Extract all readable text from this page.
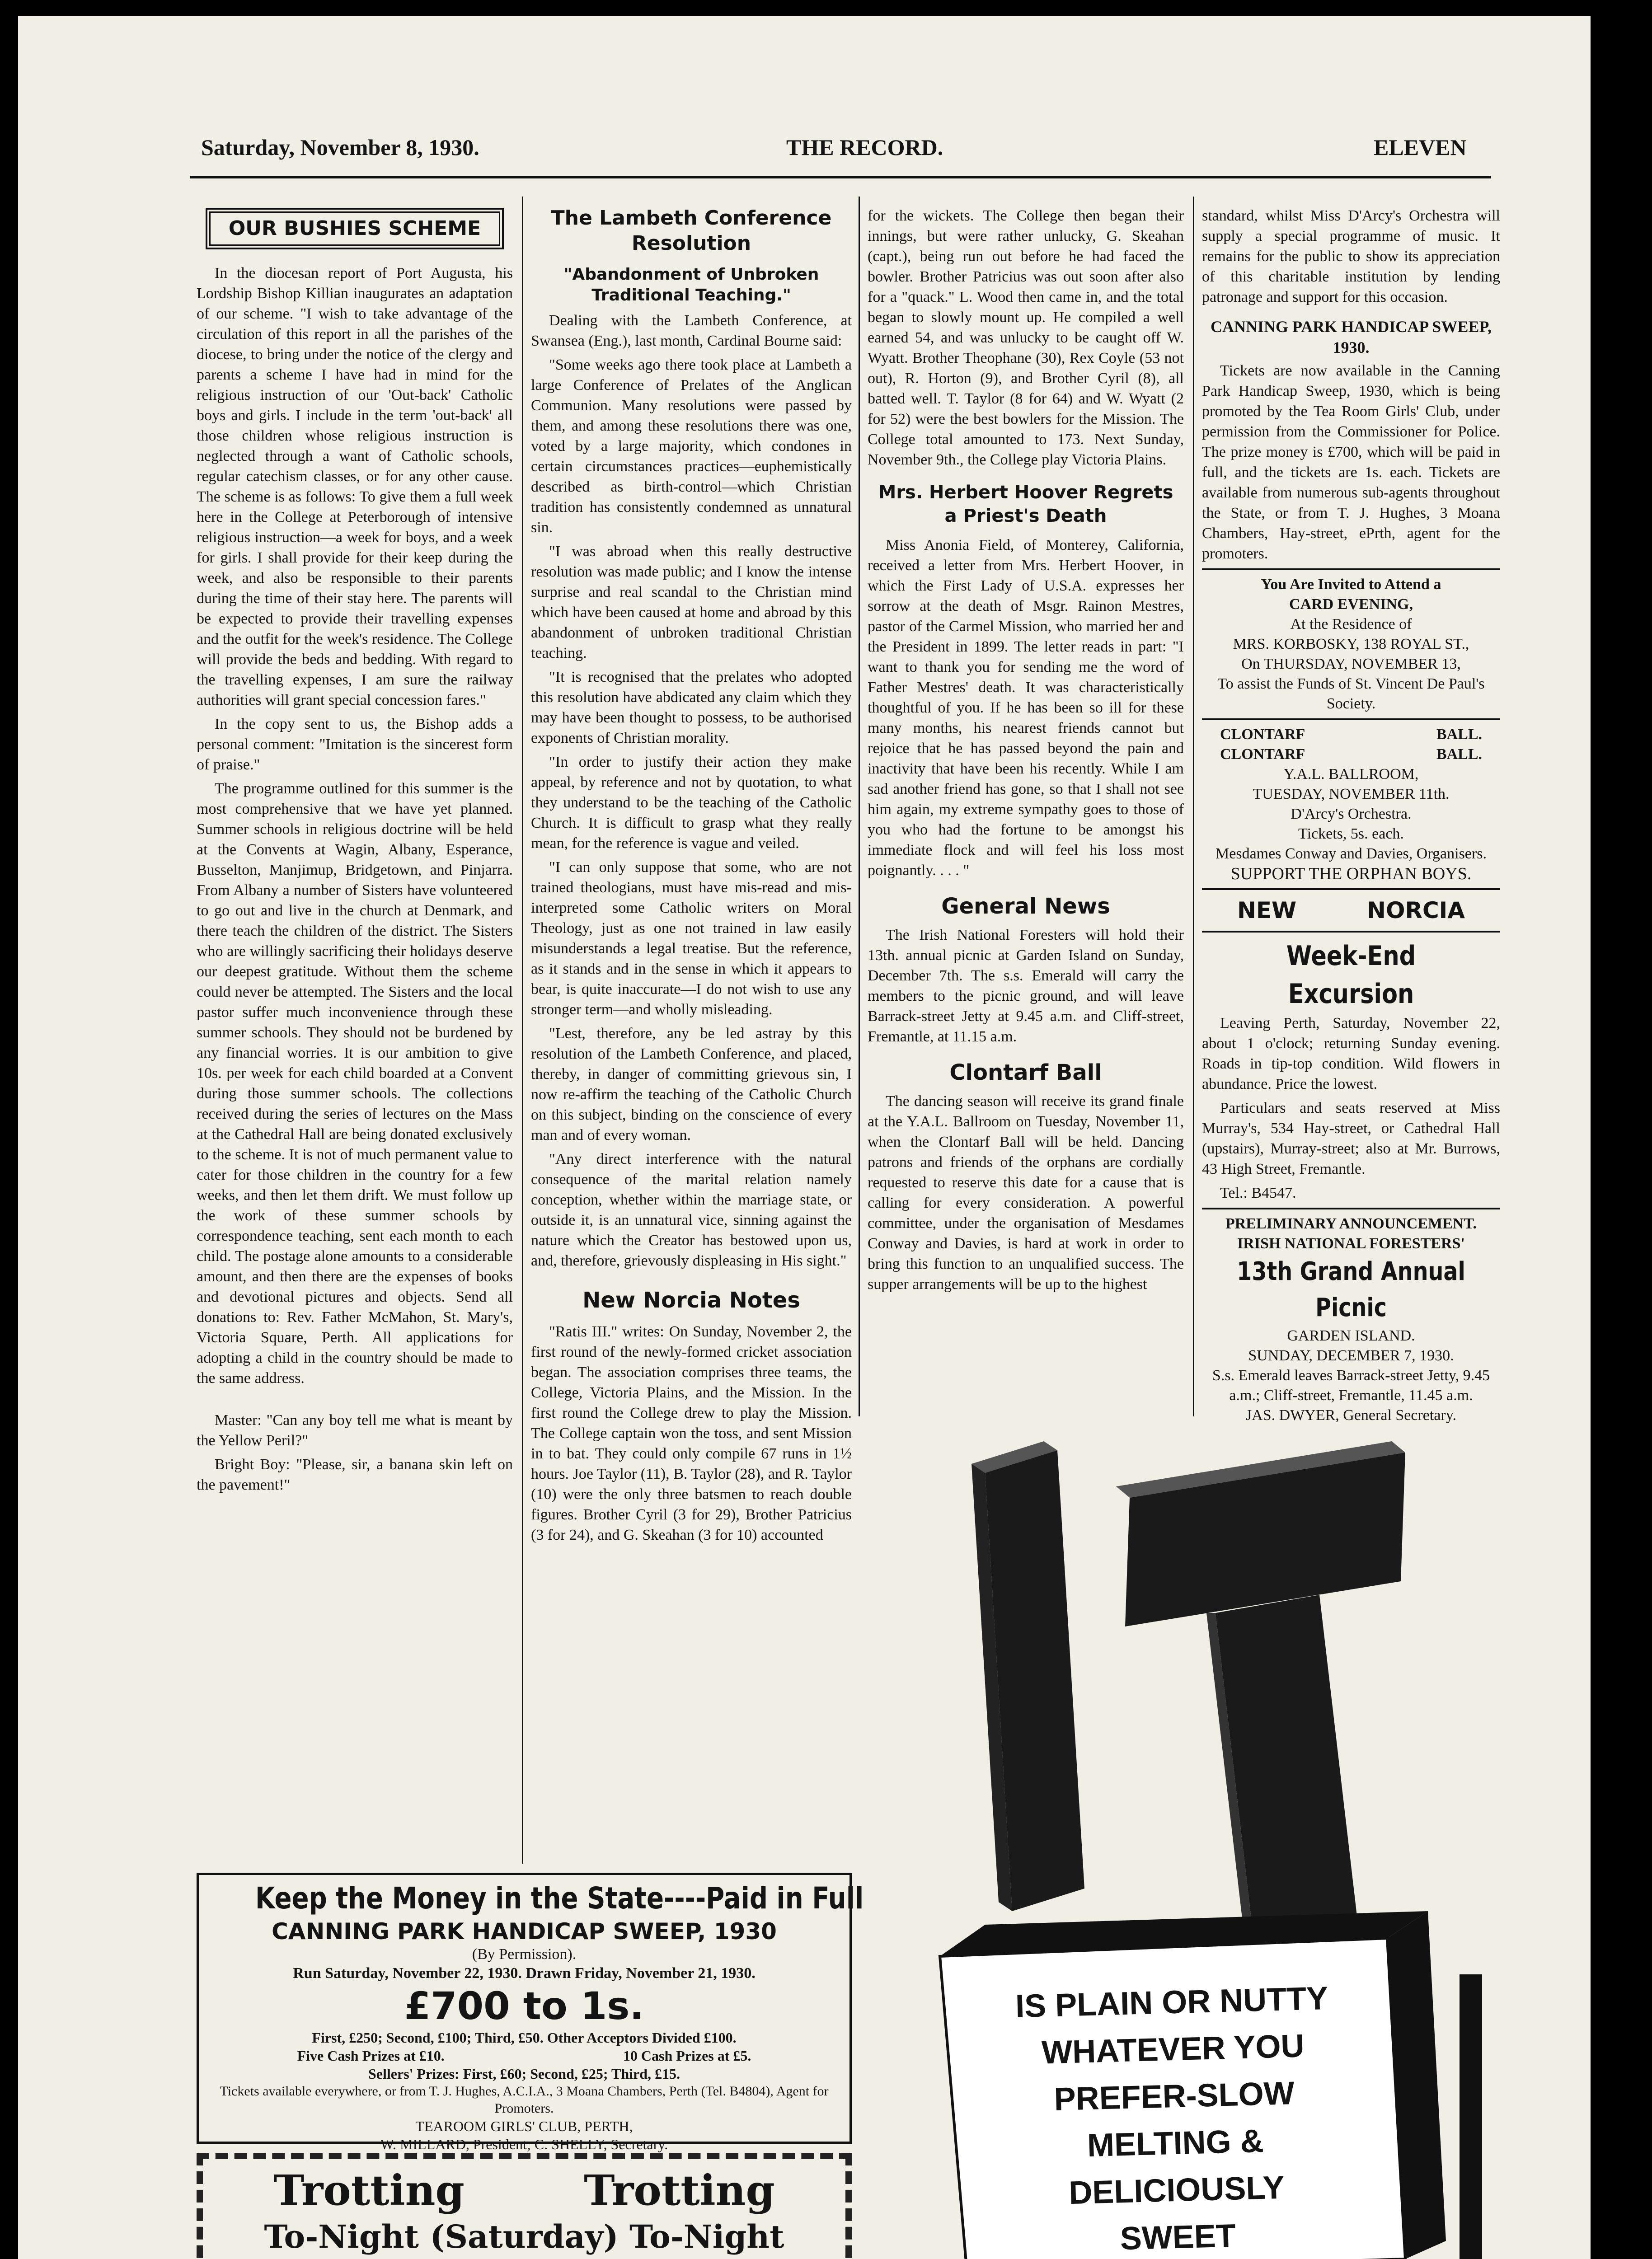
Saturday, November 8, 1930.	THE RECORD.	ELEVEN
OUR BUSHIES SCHEME

In the diocesan report of Port Augusta, his Lordship Bishop Killian inaugurates an adaptation of our scheme. "I wish to take advantage of the circulation of this report in all the parishes of the diocese, to bring under the notice of the clergy and parents a scheme I have had in mind for the religious instruction of our 'Out-back' Catholic boys and girls. I include in the term 'out-back' all those children whose religious instruction is neglected through a want of Catholic schools, regular catechism classes, or for any other cause. The scheme is as follows: To give them a full week here in the College at Peterborough of intensive religious instruction—a week for boys, and a week for girls. I shall provide for their keep during the week, and also be responsible to their parents during the time of their stay here. The parents will be expected to provide their travelling expenses and the outfit for the week's residence. The College will provide the beds and bedding. With regard to the travelling expenses, I am sure the railway authorities will grant special concession fares."

In the copy sent to us, the Bishop adds a personal comment: "Imitation is the sincerest form of praise."

The programme outlined for this summer is the most comprehensive that we have yet planned. Summer schools in religious doctrine will be held at the Convents at Wagin, Albany, Esperance, Busselton, Manjimup, Bridgetown, and Pinjarra. From Albany a number of Sisters have volunteered to go out and live in the church at Denmark, and there teach the children of the district. The Sisters who are willingly sacrificing their holidays deserve our deepest gratitude. Without them the scheme could never be attempted. The Sisters and the local pastor suffer much inconvenience through these summer schools. They should not be burdened by any financial worries. It is our ambition to give 10s. per week for each child boarded at a Convent during those summer schools. The collections received during the series of lectures on the Mass at the Cathedral Hall are being donated exclusively to the scheme. It is not of much permanent value to cater for those children in the country for a few weeks, and then let them drift. We must follow up the work of these summer schools by correspondence teaching, sent each month to each child. The postage alone amounts to a considerable amount, and then there are the expenses of books and devotional pictures and objects. Send all donations to: Rev. Father McMahon, St. Mary's, Victoria Square, Perth. All applications for adopting a child in the country should be made to the same address.

Master: "Can any boy tell me what is meant by the Yellow Peril?"

Bright Boy: "Please, sir, a banana skin left on the pavement!"

The Lambeth Conference Resolution
"Abandonment of Unbroken Traditional Teaching."

Dealing with the Lambeth Conference, at Swansea (Eng.), last month, Cardinal Bourne said:

"Some weeks ago there took place at Lambeth a large Conference of Prelates of the Anglican Communion. Many resolutions were passed by them, and among these resolutions there was one, voted by a large majority, which condones in certain circumstances practices—euphemistically described as birth-control—which Christian tradition has consistently condemned as unnatural sin.

"I was abroad when this really destructive resolution was made public; and I know the intense surprise and real scandal to the Christian mind which have been caused at home and abroad by this abandonment of unbroken traditional Christian teaching.

"It is recognised that the prelates who adopted this resolution have abdicated any claim which they may have been thought to possess, to be authorised exponents of Christian morality.

"In order to justify their action they make appeal, by reference and not by quotation, to what they understand to be the teaching of the Catholic Church. It is difficult to grasp what they really mean, for the reference is vague and veiled.

"I can only suppose that some, who are not trained theologians, must have mis-read and mis-interpreted some Catholic writers on Moral Theology, just as one not trained in law easily misunderstands a legal treatise. But the reference, as it stands and in the sense in which it appears to bear, is quite inaccurate—I do not wish to use any stronger term—and wholly misleading.

"Lest, therefore, any be led astray by this resolution of the Lambeth Conference, and placed, thereby, in danger of committing grievous sin, I now re-affirm the teaching of the Catholic Church on this subject, binding on the conscience of every man and of every woman.

"Any direct interference with the natural consequence of the marital relation namely conception, whether within the marriage state, or outside it, is an unnatural vice, sinning against the nature which the Creator has bestowed upon us, and, therefore, grievously displeasing in His sight."

New Norcia Notes

"Ratis III." writes: On Sunday, November 2, the first round of the newly-formed cricket association began. The association comprises three teams, the College, Victoria Plains, and the Mission. In the first round the College drew to play the Mission. The College captain won the toss, and sent Mission in to bat. They could only compile 67 runs in 1½ hours. Joe Taylor (11), B. Taylor (28), and R. Taylor (10) were the only three batsmen to reach double figures. Brother Cyril (3 for 29), Brother Patricius (3 for 24), and G. Skeahan (3 for 10) accounted

for the wickets. The College then began their innings, but were rather unlucky, G. Skeahan (capt.), being run out before he had faced the bowler. Brother Patricius was out soon after also for a "quack." L. Wood then came in, and the total began to slowly mount up. He compiled a well earned 54, and was unlucky to be caught off W. Wyatt. Brother Theophane (30), Rex Coyle (53 not out), R. Horton (9), and Brother Cyril (8), all batted well. T. Taylor (8 for 64) and W. Wyatt (2 for 52) were the best bowlers for the Mission. The College total amounted to 173. Next Sunday, November 9th., the College play Victoria Plains.

Mrs. Herbert Hoover Regrets a Priest's Death

Miss Anonia Field, of Monterey, California, received a letter from Mrs. Herbert Hoover, in which the First Lady of U.S.A. expresses her sorrow at the death of Msgr. Rainon Mestres, pastor of the Carmel Mission, who married her and the President in 1899. The letter reads in part: "I want to thank you for sending me the word of Father Mestres' death. It was characteristically thoughtful of you. If he has been so ill for these many months, his nearest friends cannot but rejoice that he has passed beyond the pain and inactivity that have been his recently. While I am sad another friend has gone, so that I shall not see him again, my extreme sympathy goes to those of you who had the fortune to be amongst his immediate flock and will feel his loss most poignantly. . . . "

General News

The Irish National Foresters will hold their 13th. annual picnic at Garden Island on Sunday, December 7th. The s.s. Emerald will carry the members to the picnic ground, and will leave Barrack-street Jetty at 9.45 a.m. and Cliff-street, Fremantle, at 11.15 a.m.

Clontarf Ball

The dancing season will receive its grand finale at the Y.A.L. Ballroom on Tuesday, November 11, when the Clontarf Ball will be held. Dancing patrons and friends of the orphans are cordially requested to reserve this date for a cause that is calling for every consideration. A powerful committee, under the organisation of Mesdames Conway and Davies, is hard at work in order to bring this function to an unqualified success. The supper arrangements will be up to the highest

standard, whilst Miss D'Arcy's Orchestra will supply a special programme of music. It remains for the public to show its appreciation of this charitable institution by lending patronage and support for this occasion.

CANNING PARK HANDICAP SWEEP, 1930.

Tickets are now available in the Canning Park Handicap Sweep, 1930, which is being promoted by the Tea Room Girls' Club, under permission from the Commissioner for Police. The prize money is £700, which will be paid in full, and the tickets are 1s. each. Tickets are available from numerous sub-agents throughout the State, or from T. J. Hughes, 3 Moana Chambers, Hay-street, ePrth, agent for the promoters.

You Are Invited to Attend a
CARD EVENING,
At the Residence of
MRS. KORBOSKY, 138 ROYAL ST.,
On THURSDAY, NOVEMBER 13,
To assist the Funds of St. Vincent De Paul's Society.
CLONTARF	BALL.
CLONTARF	BALL.
Y.A.L. BALLROOM,
TUESDAY, NOVEMBER 11th.
D'Arcy's Orchestra.
Tickets, 5s. each.
Mesdames Conway and Davies, Organisers.
SUPPORT THE ORPHAN BOYS.
NEW	NORCIA
Week-End Excursion

Leaving Perth, Saturday, November 22, about 1 o'clock; returning Sunday evening. Roads in tip-top condition. Wild flowers in abundance. Price the lowest.

Particulars and seats reserved at Miss Murray's, 534 Hay-street, or Cathedral Hall (upstairs), Murray-street; also at Mr. Burrows, 43 High Street, Fremantle.

Tel.: B4547.

PRELIMINARY ANNOUNCEMENT.
IRISH NATIONAL FORESTERS'
13th Grand Annual Picnic
GARDEN ISLAND.
SUNDAY, DECEMBER 7, 1930.
S.s. Emerald leaves Barrack-street Jetty, 9.45 a.m.; Cliff-street, Fremantle, 11.45 a.m.
JAS. DWYER, General Secretary.
Keep the Money in the State----Paid in Full
CANNING PARK HANDICAP SWEEP, 1930
(By Permission).
Run Saturday, November 22, 1930. Drawn Friday, November 21, 1930.
£700 to 1s.
First, £250; Second, £100; Third, £50. Other Acceptors Divided £100.
Five Cash Prizes at £10.	10 Cash Prizes at £5.
Sellers' Prizes: First, £60; Second, £25; Third, £15.
Tickets available everywhere, or from T. J. Hughes, A.C.I.A., 3 Moana Chambers, Perth (Tel. B4804), Agent for Promoters.
TEAROOM GIRLS' CLUB, PERTH,
W. MILLARD, President; C. SHELLY, Secretary.
Trotting	Trotting
To-Night (Saturday) To-Night
IS PLAIN OR NUTTY
WHATEVER YOU
PREFER-SLOW
MELTING &
DELICIOUSLY
SWEET
